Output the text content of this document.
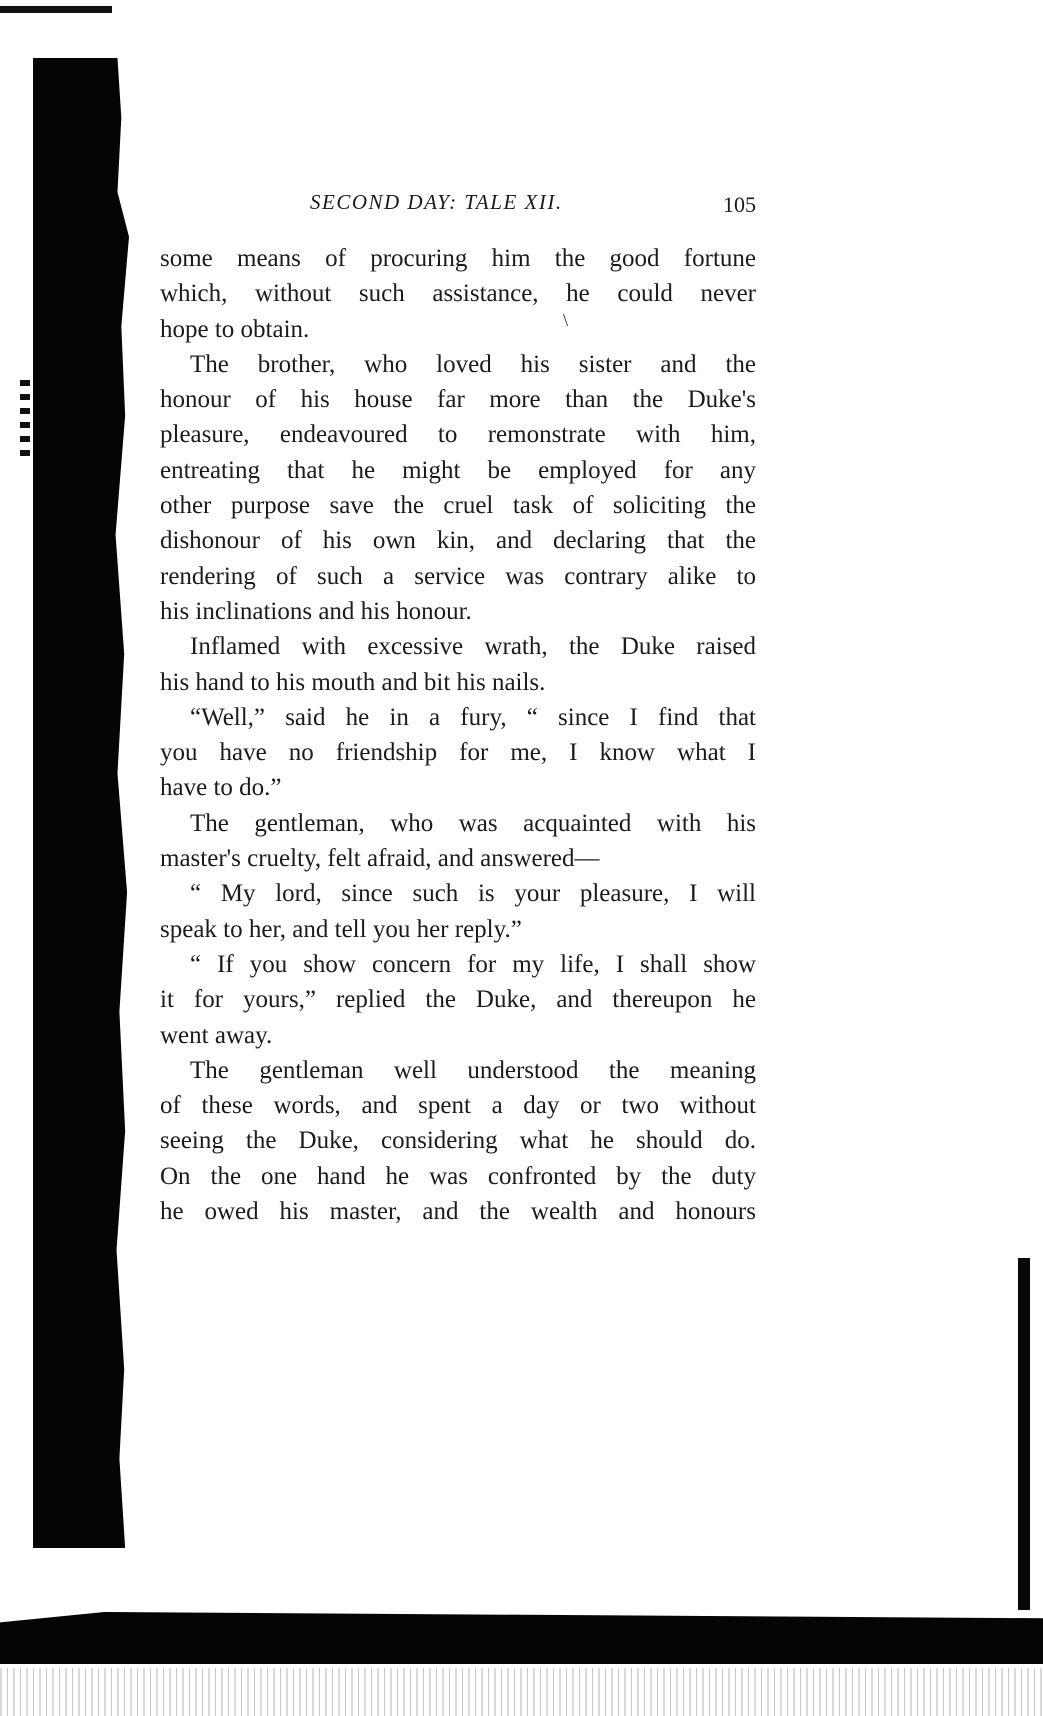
SECOND DAY: TALE XII.	105
\
some means of procuring him the good fortune
which, without such assistance, he could never
hope to obtain.
The brother, who loved his sister and the
honour of his house far more than the Duke's
pleasure, endeavoured to remonstrate with him,
entreating that he might be employed for any
other purpose save the cruel task of soliciting the
dishonour of his own kin, and declaring that the
rendering of such a service was contrary alike to
his inclinations and his honour.
Inflamed with excessive wrath, the Duke raised
his hand to his mouth and bit his nails.
“Well,” said he in a fury, “ since I find that
you have no friendship for me, I know what I
have to do.”
The gentleman, who was acquainted with his
master's cruelty, felt afraid, and answered—
“ My lord, since such is your pleasure, I will
speak to her, and tell you her reply.”
“ If you show concern for my life, I shall show
it for yours,” replied the Duke, and thereupon he
went away.
The gentleman well understood the meaning
of these words, and spent a day or two without
seeing the Duke, considering what he should do.
On the one hand he was confronted by the duty
he owed his master, and the wealth and honours
